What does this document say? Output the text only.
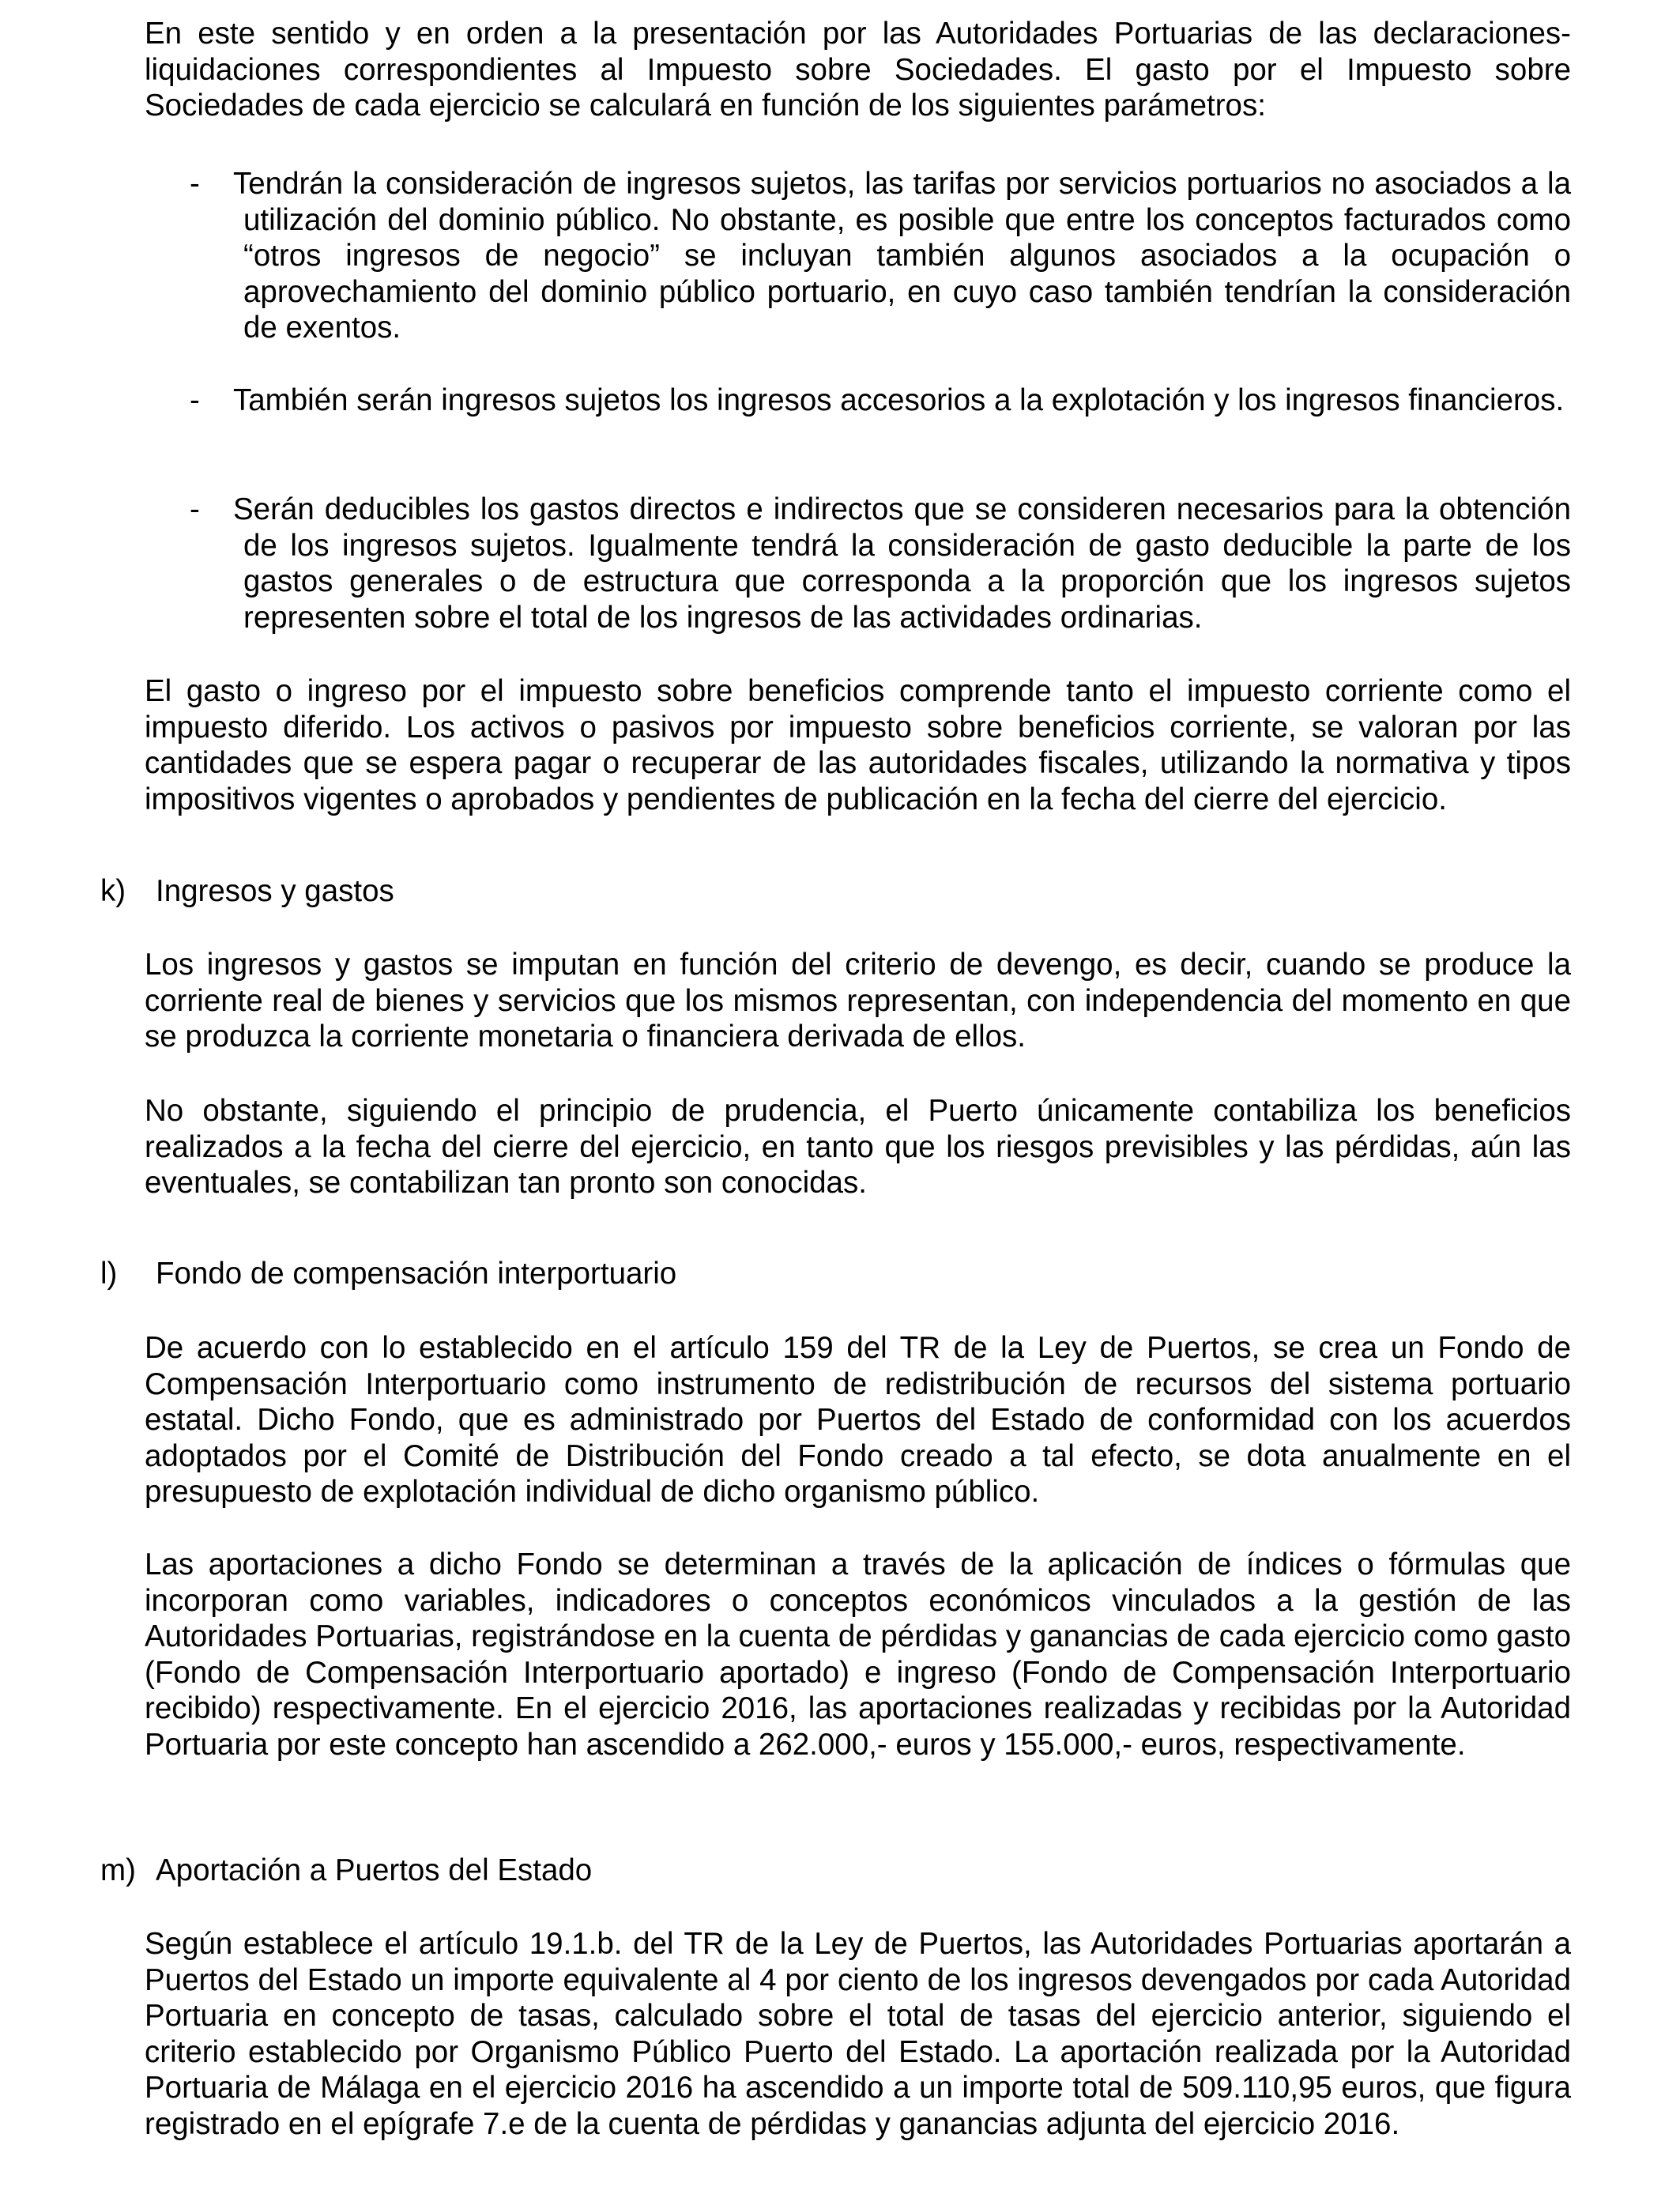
En este sentido y en orden a la presentación por las Autoridades Portuarias de las declaraciones-liquidaciones correspondientes al Impuesto sobre Sociedades. El gasto por el Impuesto sobre Sociedades de cada ejercicio se calculará en función de los siguientes parámetros:

- Tendrán la consideración de ingresos sujetos, las tarifas por servicios portuarios no asociados a la utilización del dominio público. No obstante, es posible que entre los conceptos facturados como “otros ingresos de negocio” se incluyan también algunos asociados a la ocupación o aprovechamiento del dominio público portuario, en cuyo caso también tendrían la consideración de exentos.

- También serán ingresos sujetos los ingresos accesorios a la explotación y los ingresos financieros.

- Serán deducibles los gastos directos e indirectos que se consideren necesarios para la obtención de los ingresos sujetos. Igualmente tendrá la consideración de gasto deducible la parte de los gastos generales o de estructura que corresponda a la proporción que los ingresos sujetos representen sobre el total de los ingresos de las actividades ordinarias.

El gasto o ingreso por el impuesto sobre beneficios comprende tanto el impuesto corriente como el impuesto diferido. Los activos o pasivos por impuesto sobre beneficios corriente, se valoran por las cantidades que se espera pagar o recuperar de las autoridades fiscales, utilizando la normativa y tipos impositivos vigentes o aprobados y pendientes de publicación en la fecha del cierre del ejercicio.

k) Ingresos y gastos

Los ingresos y gastos se imputan en función del criterio de devengo, es decir, cuando se produce la corriente real de bienes y servicios que los mismos representan, con independencia del momento en que se produzca la corriente monetaria o financiera derivada de ellos.

No obstante, siguiendo el principio de prudencia, el Puerto únicamente contabiliza los beneficios realizados a la fecha del cierre del ejercicio, en tanto que los riesgos previsibles y las pérdidas, aún las eventuales, se contabilizan tan pronto son conocidas.

l) Fondo de compensación interportuario

De acuerdo con lo establecido en el artículo 159 del TR de la Ley de Puertos, se crea un Fondo de Compensación Interportuario como instrumento de redistribución de recursos del sistema portuario estatal. Dicho Fondo, que es administrado por Puertos del Estado de conformidad con los acuerdos adoptados por el Comité de Distribución del Fondo creado a tal efecto, se dota anualmente en el presupuesto de explotación individual de dicho organismo público.

Las aportaciones a dicho Fondo se determinan a través de la aplicación de índices o fórmulas que incorporan como variables, indicadores o conceptos económicos vinculados a la gestión de las Autoridades Portuarias, registrándose en la cuenta de pérdidas y ganancias de cada ejercicio como gasto (Fondo de Compensación Interportuario aportado) e ingreso (Fondo de Compensación Interportuario recibido) respectivamente. En el ejercicio 2016, las aportaciones realizadas y recibidas por la Autoridad Portuaria por este concepto han ascendido a 262.000,- euros y 155.000,- euros, respectivamente.

m) Aportación a Puertos del Estado

Según establece el artículo 19.1.b. del TR de la Ley de Puertos, las Autoridades Portuarias aportarán a Puertos del Estado un importe equivalente al 4 por ciento de los ingresos devengados por cada Autoridad Portuaria en concepto de tasas, calculado sobre el total de tasas del ejercicio anterior, siguiendo el criterio establecido por Organismo Público Puerto del Estado. La aportación realizada por la Autoridad Portuaria de Málaga en el ejercicio 2016 ha ascendido a un importe total de 509.110,95 euros, que figura registrado en el epígrafe 7.e de la cuenta de pérdidas y ganancias adjunta del ejercicio 2016.
